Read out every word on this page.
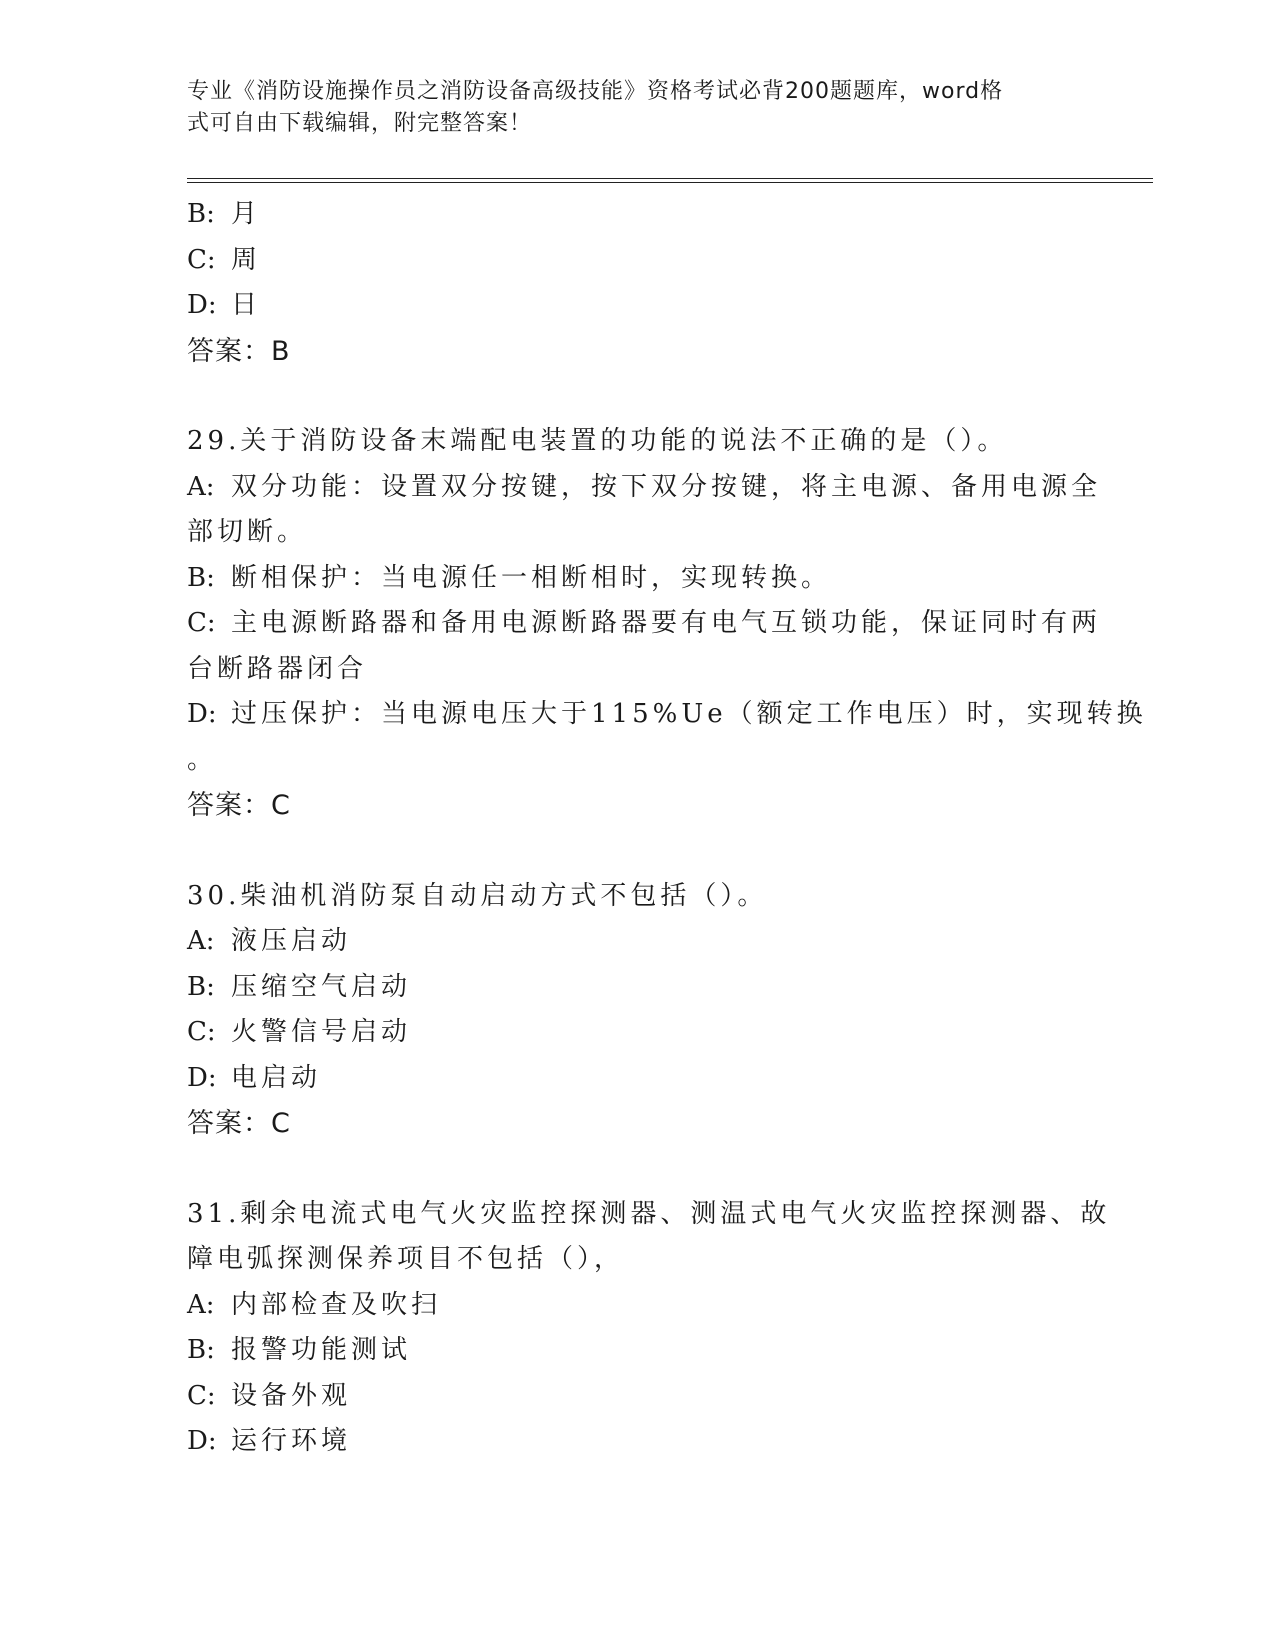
专业《消防设施操作员之消防设备高级技能》资格考试必背200题题库，word格
式可自由下载编辑，附完整答案！
B: 月
C: 周
D: 日
答案：B
29.关于消防设备末端配电装置的功能的说法不正确的是（）。
A: 双分功能：设置双分按键，按下双分按键，将主电源、备用电源全
部切断。
B: 断相保护：当电源任一相断相时，实现转换。
C: 主电源断路器和备用电源断路器要有电气互锁功能，保证同时有两
台断路器闭合
D: 过压保护：当电源电压大于115%Ue（额定工作电压）时，实现转换
。
答案：C
30.柴油机消防泵自动启动方式不包括（）。
A: 液压启动
B: 压缩空气启动
C: 火警信号启动
D: 电启动
答案：C
31.剩余电流式电气火灾监控探测器、测温式电气火灾监控探测器、故
障电弧探测保养项目不包括（），
A: 内部检查及吹扫
B: 报警功能测试
C: 设备外观
D: 运行环境
